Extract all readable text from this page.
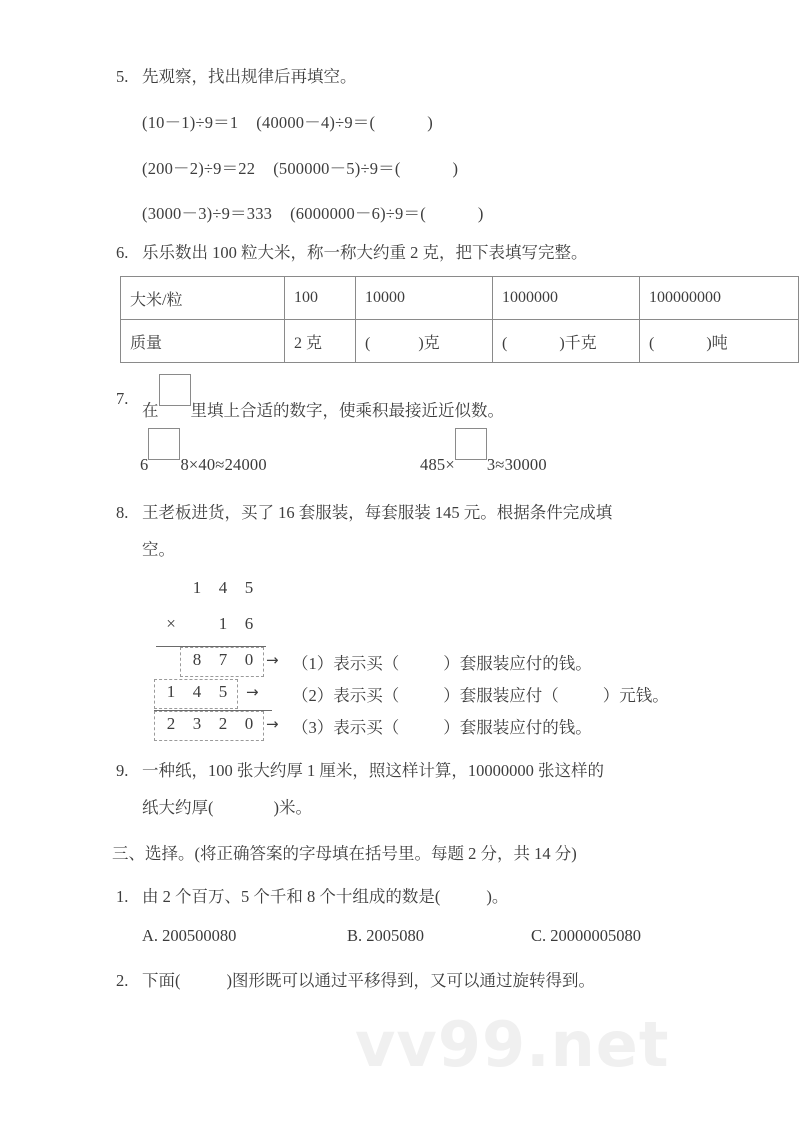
vv99.net
5. 先观察，找出规律后再填空。
(10－1)÷9＝1 (40000－4)÷9＝(	)
(200－2)÷9＝22 (500000－5)÷9＝(	)
(3000－3)÷9＝333 (6000000－6)÷9＝(	)
6. 乐乐数出 100 粒大米，称一称大约重 2 克，把下表填写完整。
大米/粒	100	10000	1000000	100000000
质量	2 克	( )克	( )千克	( )吨
7.
在 里填上合适的数字，使乘积最接近近似数。
6 8×40≈24000	485× 3≈30000
8. 王老板进货，买了 16 套服装，每套服装 145 元。根据条件完成填
空。
1 4 5
×	1 6
8 7 0
1 4 5
2 3 2 0
→
→
→
（1）表示买（	）套服装应付的钱。
（2）表示买（	）套服装应付（	）元钱。
（3）表示买（	）套服装应付的钱。
9. 一种纸，100 张大约厚 1 厘米，照这样计算，10000000 张这样的
纸大约厚(	)米。
三、选择。(将正确答案的字母填在括号里。每题 2 分，共 14 分)
1. 由 2 个百万、5 个千和 8 个十组成的数是(	)。
A. 200500080	B. 2005080	C. 20000005080
2. 下面(	)图形既可以通过平移得到，又可以通过旋转得到。
